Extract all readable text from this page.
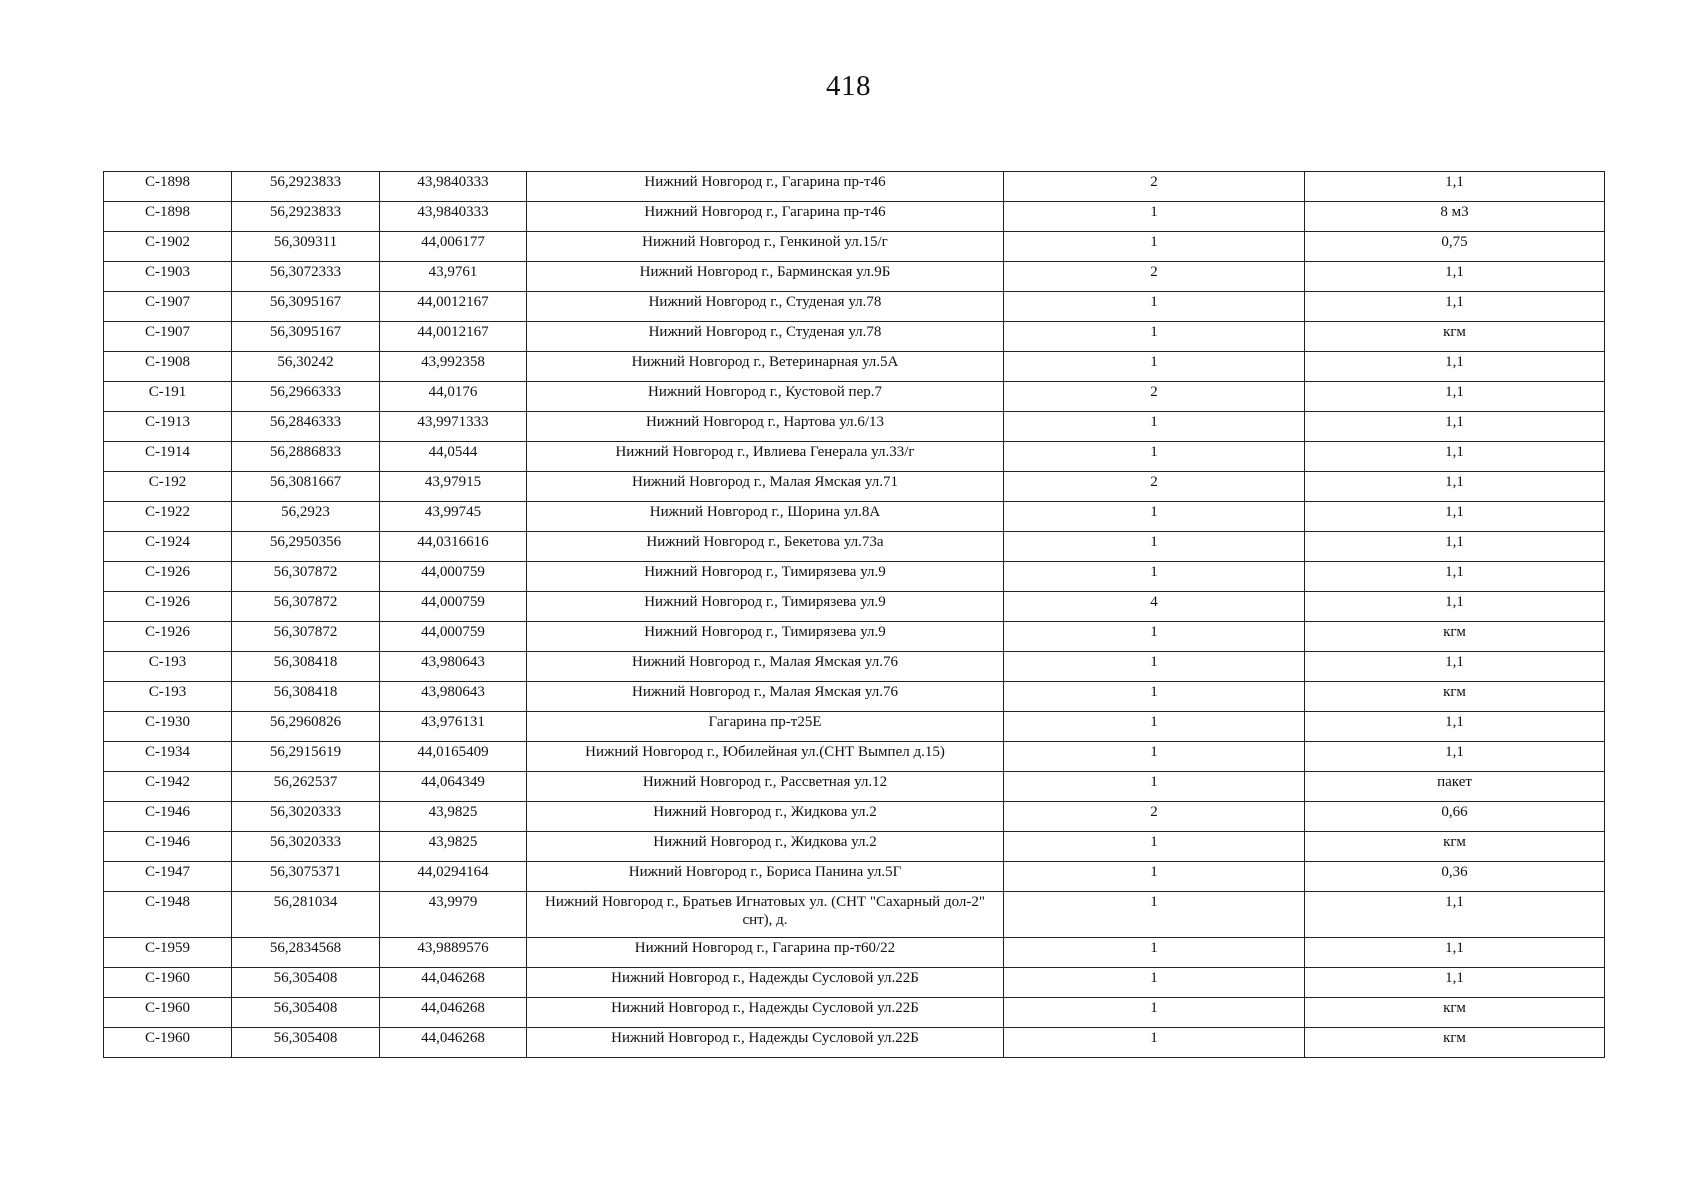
418
С-1898	56,2923833	43,9840333	Нижний Новгород г., Гагарина пр-т46	2	1,1
С-1898	56,2923833	43,9840333	Нижний Новгород г., Гагарина пр-т46	1	8 м3
С-1902	56,309311	44,006177	Нижний Новгород г., Генкиной ул.15/г	1	0,75
С-1903	56,3072333	43,9761	Нижний Новгород г., Барминская ул.9Б	2	1,1
С-1907	56,3095167	44,0012167	Нижний Новгород г., Студеная ул.78	1	1,1
С-1907	56,3095167	44,0012167	Нижний Новгород г., Студеная ул.78	1	кгм
С-1908	56,30242	43,992358	Нижний Новгород г., Ветеринарная ул.5А	1	1,1
С-191	56,2966333	44,0176	Нижний Новгород г., Кустовой пер.7	2	1,1
С-1913	56,2846333	43,9971333	Нижний Новгород г., Нартова ул.6/13	1	1,1
С-1914	56,2886833	44,0544	Нижний Новгород г., Ивлиева Генерала ул.33/г	1	1,1
С-192	56,3081667	43,97915	Нижний Новгород г., Малая Ямская ул.71	2	1,1
С-1922	56,2923	43,99745	Нижний Новгород г., Шорина ул.8А	1	1,1
С-1924	56,2950356	44,0316616	Нижний Новгород г., Бекетова ул.73а	1	1,1
С-1926	56,307872	44,000759	Нижний Новгород г., Тимирязева ул.9	1	1,1
С-1926	56,307872	44,000759	Нижний Новгород г., Тимирязева ул.9	4	1,1
С-1926	56,307872	44,000759	Нижний Новгород г., Тимирязева ул.9	1	кгм
С-193	56,308418	43,980643	Нижний Новгород г., Малая Ямская ул.76	1	1,1
С-193	56,308418	43,980643	Нижний Новгород г., Малая Ямская ул.76	1	кгм
С-1930	56,2960826	43,976131	Гагарина пр-т25Е	1	1,1
С-1934	56,2915619	44,0165409	Нижний Новгород г., Юбилейная ул.(СНТ Вымпел д.15)	1	1,1
С-1942	56,262537	44,064349	Нижний Новгород г., Рассветная ул.12	1	пакет
С-1946	56,3020333	43,9825	Нижний Новгород г., Жидкова ул.2	2	0,66
С-1946	56,3020333	43,9825	Нижний Новгород г., Жидкова ул.2	1	кгм
С-1947	56,3075371	44,0294164	Нижний Новгород г., Бориса Панина ул.5Г	1	0,36
С-1948	56,281034	43,9979	Нижний Новгород г., Братьев Игнатовых ул. (СНТ "Сахарный дол-2" снт), д.	1	1,1
С-1959	56,2834568	43,9889576	Нижний Новгород г., Гагарина пр-т60/22	1	1,1
С-1960	56,305408	44,046268	Нижний Новгород г., Надежды Сусловой ул.22Б	1	1,1
С-1960	56,305408	44,046268	Нижний Новгород г., Надежды Сусловой ул.22Б	1	кгм
С-1960	56,305408	44,046268	Нижний Новгород г., Надежды Сусловой ул.22Б	1	кгм
